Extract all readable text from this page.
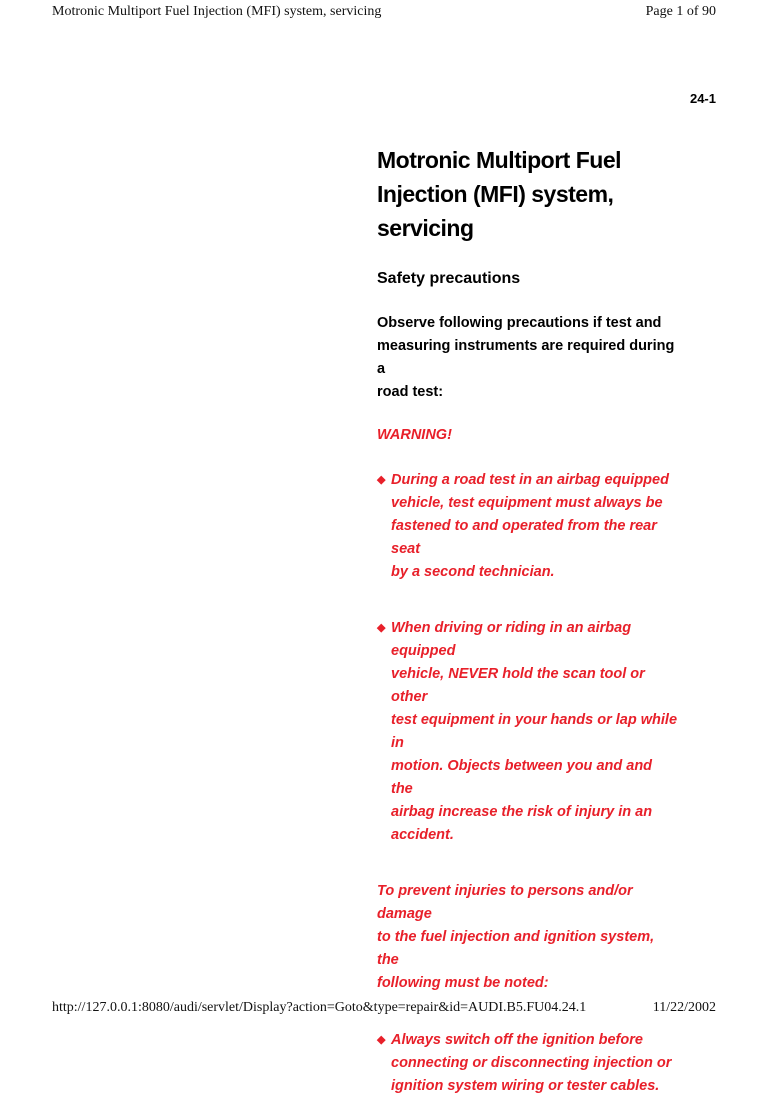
Motronic Multiport Fuel Injection (MFI) system, servicing	Page 1 of 90
24-1
Motronic Multiport Fuel
Injection (MFI) system,
servicing
Safety precautions
Observe following precautions if test and
measuring instruments are required during a
road test:
WARNING!
◆ During a road test in an airbag equipped
vehicle, test equipment must always be
fastened to and operated from the rear seat
by a second technician.
◆ When driving or riding in an airbag equipped
vehicle, NEVER hold the scan tool or other
test equipment in your hands or lap while in
motion. Objects between you and and the
airbag increase the risk of injury in an
accident.
To prevent injuries to persons and/or damage
to the fuel injection and ignition system, the
following must be noted:
◆ Always switch off the ignition before
connecting or disconnecting injection or
ignition system wiring or tester cables.
http://127.0.0.1:8080/audi/servlet/Display?action=Goto&type=repair&id=AUDI.B5.FU04.24.1	11/22/2002
